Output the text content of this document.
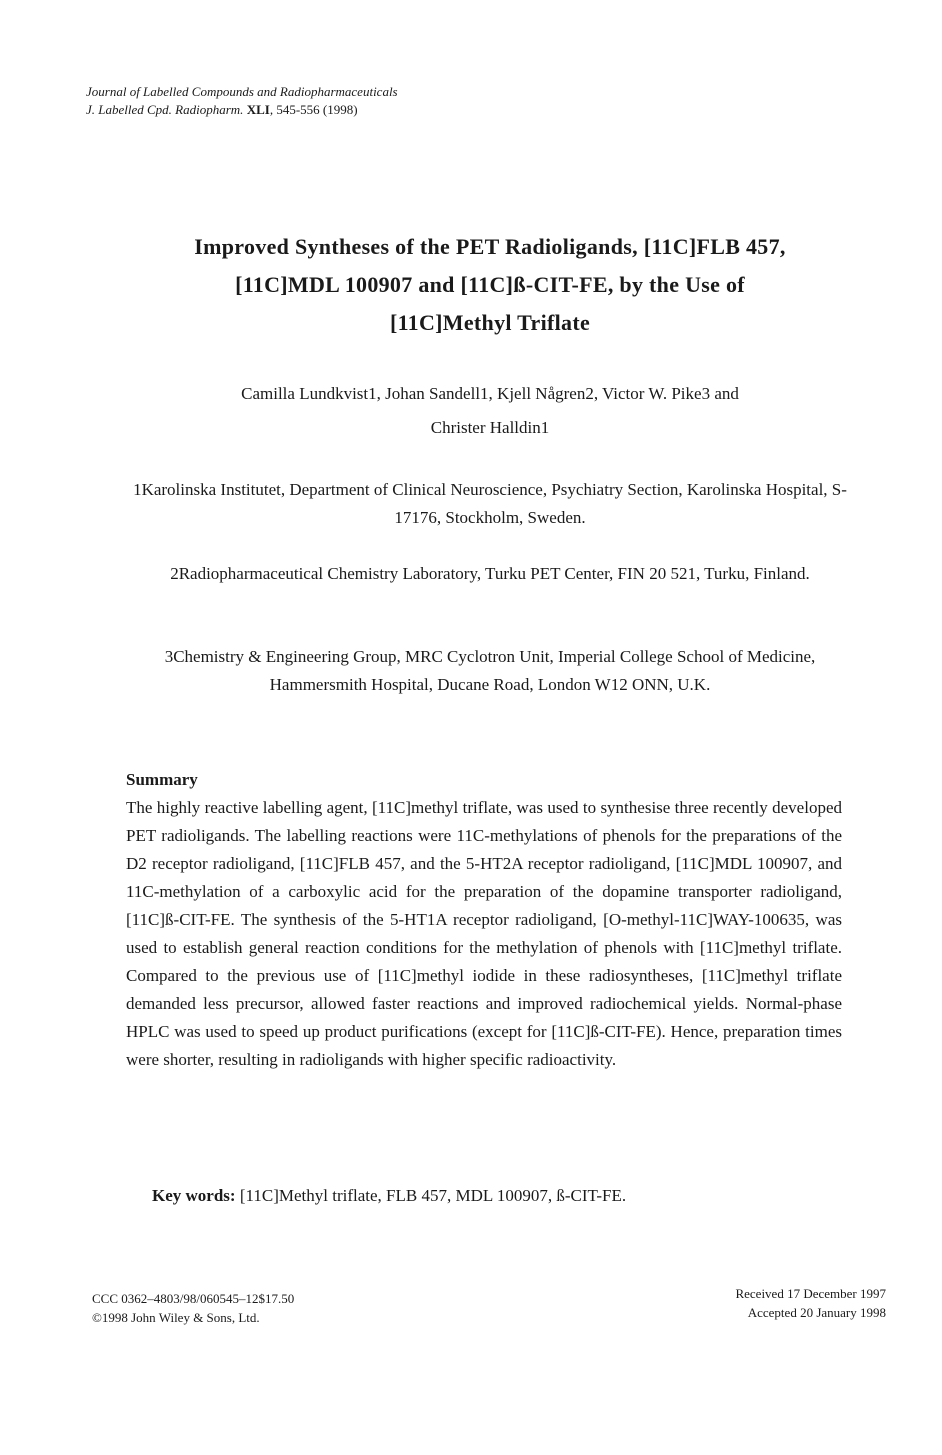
Journal of Labelled Compounds and Radiopharmaceuticals
J. Labelled Cpd. Radiopharm. XLI, 545-556 (1998)
Improved Syntheses of the PET Radioligands, [11C]FLB 457,
[11C]MDL 100907 and [11C]ß-CIT-FE, by the Use of
[11C]Methyl Triflate
Camilla Lundkvist1, Johan Sandell1, Kjell Någren2, Victor W. Pike3 and
Christer Halldin1
1Karolinska Institutet, Department of Clinical Neuroscience, Psychiatry Section, Karolinska Hospital, S-17176, Stockholm, Sweden.
2Radiopharmaceutical Chemistry Laboratory, Turku PET Center, FIN 20 521, Turku, Finland.
3Chemistry & Engineering Group, MRC Cyclotron Unit, Imperial College School of Medicine, Hammersmith Hospital, Ducane Road, London W12 ONN, U.K.
Summary
The highly reactive labelling agent, [11C]methyl triflate, was used to synthesise three recently developed PET radioligands. The labelling reactions were 11C-methylations of phenols for the preparations of the D2 receptor radioligand, [11C]FLB 457, and the 5-HT2A receptor radioligand, [11C]MDL 100907, and 11C-methylation of a carboxylic acid for the preparation of the dopamine transporter radioligand, [11C]ß-CIT-FE. The synthesis of the 5-HT1A receptor radioligand, [O-methyl-11C]WAY-100635, was used to establish general reaction conditions for the methylation of phenols with [11C]methyl triflate. Compared to the previous use of [11C]methyl iodide in these radiosyntheses, [11C]methyl triflate demanded less precursor, allowed faster reactions and improved radiochemical yields. Normal-phase HPLC was used to speed up product purifications (except for [11C]ß-CIT-FE). Hence, preparation times were shorter, resulting in radioligands with higher specific radioactivity.
Key words: [11C]Methyl triflate, FLB 457, MDL 100907, ß-CIT-FE.
CCC 0362–4803/98/060545–12$17.50
©1998 John Wiley & Sons, Ltd.
Received 17 December 1997
Accepted 20 January 1998
